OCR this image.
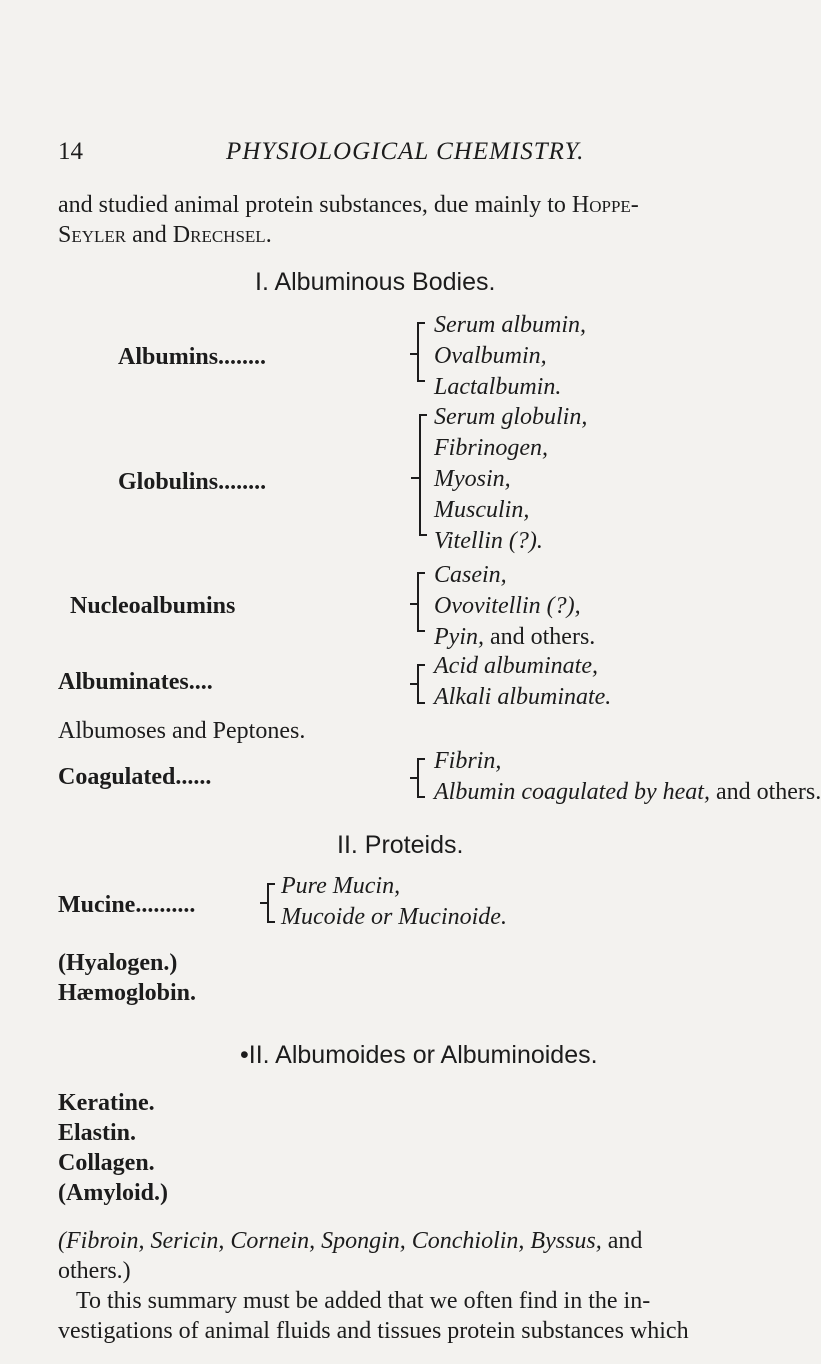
14	PHYSIOLOGICAL CHEMISTRY.
and studied animal protein substances, due mainly to Hoppe-
Seyler and Drechsel.
I. Albuminous Bodies.
Albumins........
Serum albumin,
Ovalbumin,
Lactalbumin.
Globulins........
Serum globulin,
Fibrinogen,
Myosin,
Musculin,
Vitellin (?).
Nucleoalbumins
Casein,
Ovovitellin (?),
Pyin, and others.
Albuminates....
Acid albuminate,
Alkali albuminate.
Albumoses and Peptones.
Coagulated......
Fibrin,
Albumin coagulated by heat, and others.
II. Proteids.
Mucine..........
Pure Mucin,
Mucoide or Mucinoide.
(Hyalogen.)
Hæmoglobin.
•II. Albumoides or Albuminoides.
Keratine.
Elastin.
Collagen.
(Amyloid.)
(Fibroin, Sericin, Cornein, Spongin, Conchiolin, Byssus, and
others.)
To this summary must be added that we often find in the in-
vestigations of animal fluids and tissues protein substances which
